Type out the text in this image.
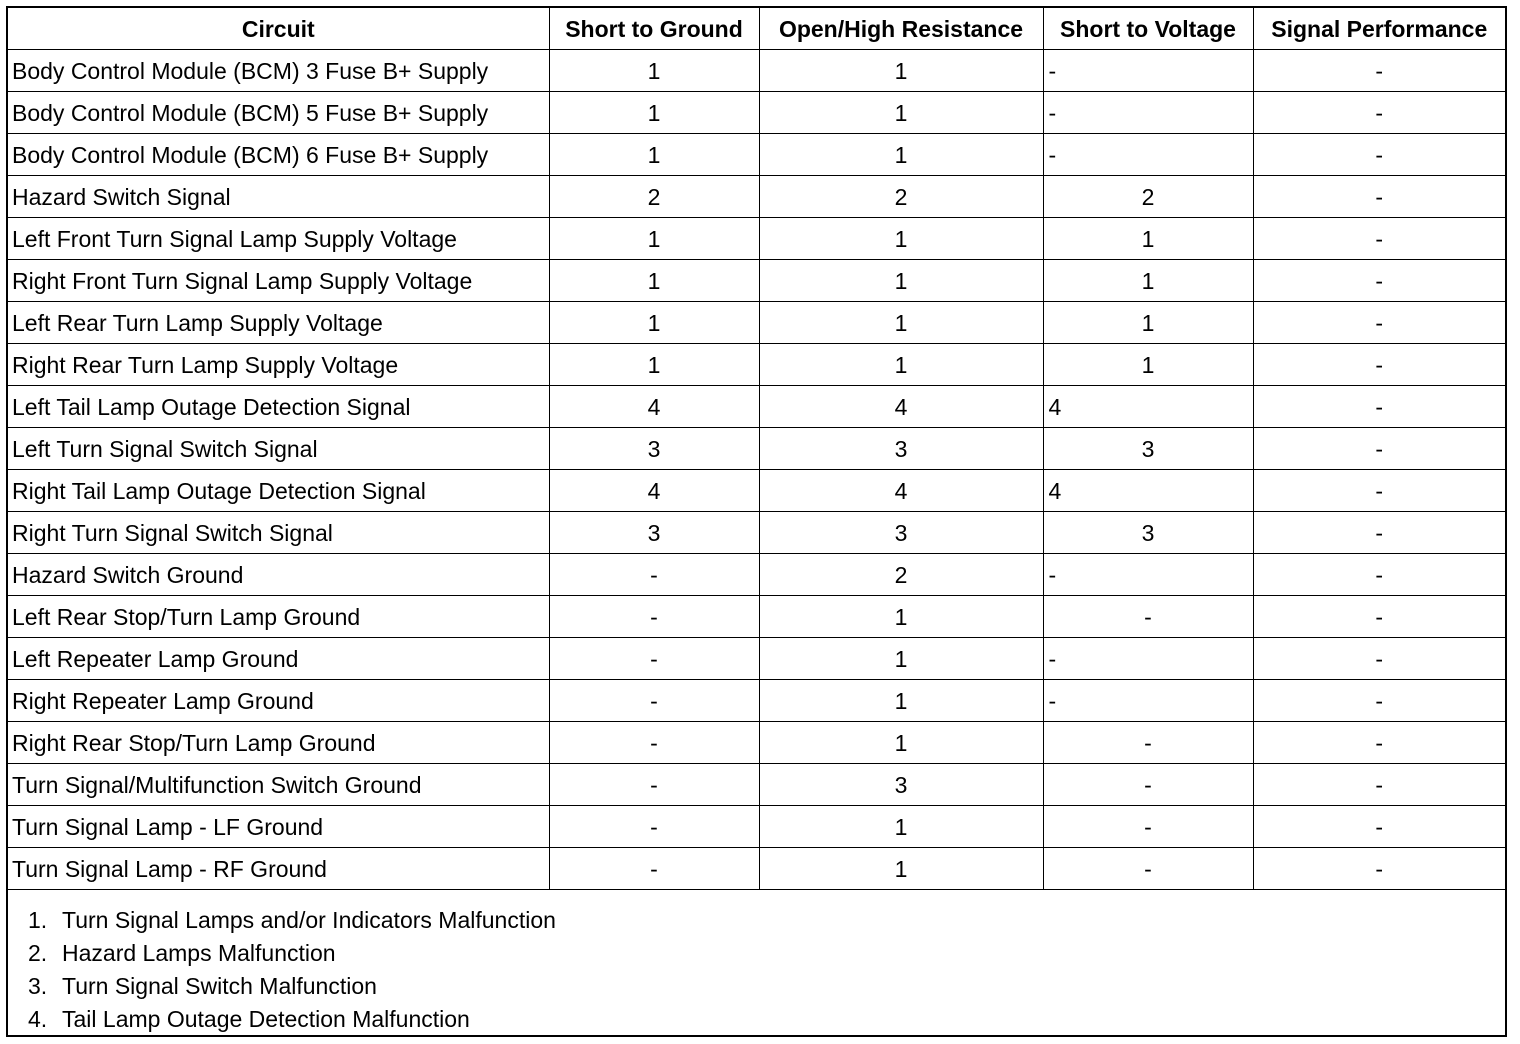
Circuit	Short to Ground	Open/High Resistance	Short to Voltage	Signal Performance
Body Control Module (BCM) 3 Fuse B+ Supply	1	1	-	-
Body Control Module (BCM) 5 Fuse B+ Supply	1	1	-	-
Body Control Module (BCM) 6 Fuse B+ Supply	1	1	-	-
Hazard Switch Signal	2	2	2	-
Left Front Turn Signal Lamp Supply Voltage	1	1	1	-
Right Front Turn Signal Lamp Supply Voltage	1	1	1	-
Left Rear Turn Lamp Supply Voltage	1	1	1	-
Right Rear Turn Lamp Supply Voltage	1	1	1	-
Left Tail Lamp Outage Detection Signal	4	4	4	-
Left Turn Signal Switch Signal	3	3	3	-
Right Tail Lamp Outage Detection Signal	4	4	4	-
Right Turn Signal Switch Signal	3	3	3	-
Hazard Switch Ground	-	2	-	-
Left Rear Stop/Turn Lamp Ground	-	1	-	-
Left Repeater Lamp Ground	-	1	-	-
Right Repeater Lamp Ground	-	1	-	-
Right Rear Stop/Turn Lamp Ground	-	1	-	-
Turn Signal/Multifunction Switch Ground	-	3	-	-
Turn Signal Lamp - LF Ground	-	1	-	-
Turn Signal Lamp - RF Ground	-	1	-	-
1. Turn Signal Lamps and/or Indicators Malfunction
2. Hazard Lamps Malfunction
3. Turn Signal Switch Malfunction
4. Tail Lamp Outage Detection Malfunction
